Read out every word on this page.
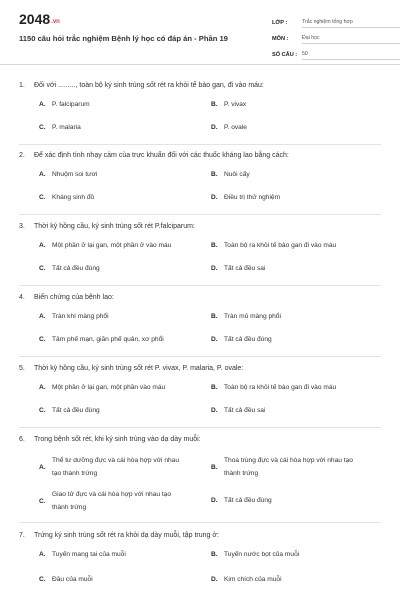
2048.vn
1150 câu hỏi trắc nghiệm Bệnh lý học có đáp án - Phần 19
LỚP :	Trắc nghiệm tổng hợp
MÔN :	Đại học
SỐ CÂU : 50
1.	Đối với ........., toàn bộ ký sinh trùng sốt rét ra khỏi tế bào gan, đi vào máu:
A. P. falciparum	B. P. vivax
C. P. malaria	D. P. ovale
2.	Để xác định tính nhạy cảm của trực khuẩn đối với các thuốc kháng lao bằng cách:
A. Nhuộm soi tươi	B. Nuôi cấy
C. Kháng sinh đồ	D. Điều trị thử nghiệm
3.	Thời kỳ hồng cầu, ký sinh trùng sốt rét P.falciparum:
A. Một phần ở lại gan, một phần ở vào máu	B. Toàn bộ ra khỏi tế bào gan đi vào máu
C. Tất cả đều đúng	D. Tất cả đều sai
4.	Biến chứng của bệnh lao:
A. Tràn khí màng phổi	B. Tràn mủ màng phổi
C. Tâm phế mạn, giãn phế quản, xơ phổi	D. Tất cả đều đúng
5.	Thời kỳ hồng cầu, ký sinh trùng sốt rét P. vivax, P. malaria, P. ovale:
A. Một phần ở lại gan, một phần vào máu	B. Toàn bộ ra khỏi tế bào gan đi vào máu
C. Tất cả đều đúng	D. Tất cả đều sai
6.	Trong bệnh sốt rét, khi ký sinh trùng vào dạ dày muỗi:
A.
Thể tư dưỡng đực và cái hòa hợp với nhau tạo thành trứng
B.
Thoa trùng đực và cái hòa hợp với nhau tạo thành trứng
C.
Giao tử đực và cái hòa hợp với nhau tạo thành trứng
D. Tất cả đều đúng
7.	Trứng ký sinh trùng sốt rét ra khỏi dạ dày muỗi, tập trung ở:
A. Tuyến mang tai của muỗi	B. Tuyến nước bọt của muỗi
C. Đầu của muỗi	D. Kim chích của muỗi
